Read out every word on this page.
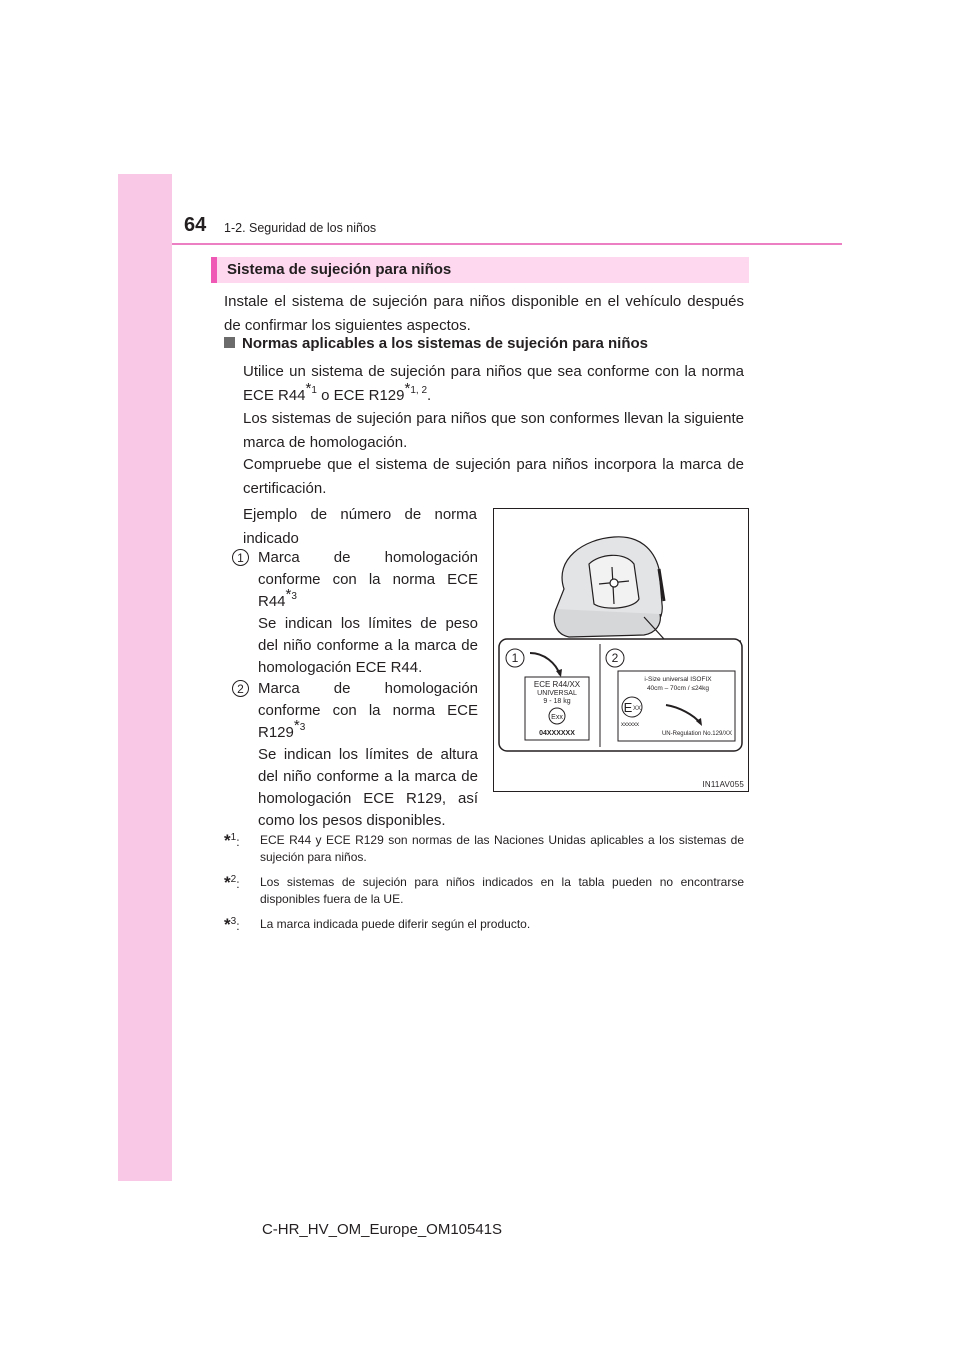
64 1-2. Seguridad de los niños
Sistema de sujeción para niños

Instale el sistema de sujeción para niños disponible en el vehículo después de confirmar los siguientes aspectos.

Normas aplicables a los sistemas de sujeción para niños

Utilice un sistema de sujeción para niños que sea conforme con la norma ECE R44$^{*1}$ o ECE R129$^{*1, 2}$.

Los sistemas de sujeción para niños que son conformes llevan la siguiente marca de homologación.

Compruebe que el sistema de sujeción para niños incorpora la marca de certificación.

Ejemplo de número de norma indicado

1 Marca de homologación conforme con la norma ECE R44$^{*3}$
Se indican los límites de peso del niño conforme a la marca de homologación ECE R44.
2 Marca de homologación conforme con la norma ECE R129$^{*3}$
Se indican los límites de altura del niño conforme a la marca de homologación ECE R129, así como los pesos disponibles.
1	2
ECE R44/XX
UNIVERSAL
9 - 18 kg
Exx
04XXXXXX
i-Size universal ISOFIX
40cm – 70cm / ≤24kg
E XX
xxxxxx
UN-Regulation No.129/XX
IN11AV055
*$^1$:	ECE R44 y ECE R129 son normas de las Naciones Unidas aplicables a los sistemas de sujeción para niños.
*$^2$:	Los sistemas de sujeción para niños indicados en la tabla pueden no encontrarse disponibles fuera de la UE.
*$^3$:	La marca indicada puede diferir según el producto.
C-HR_HV_OM_Europe_OM10541S
